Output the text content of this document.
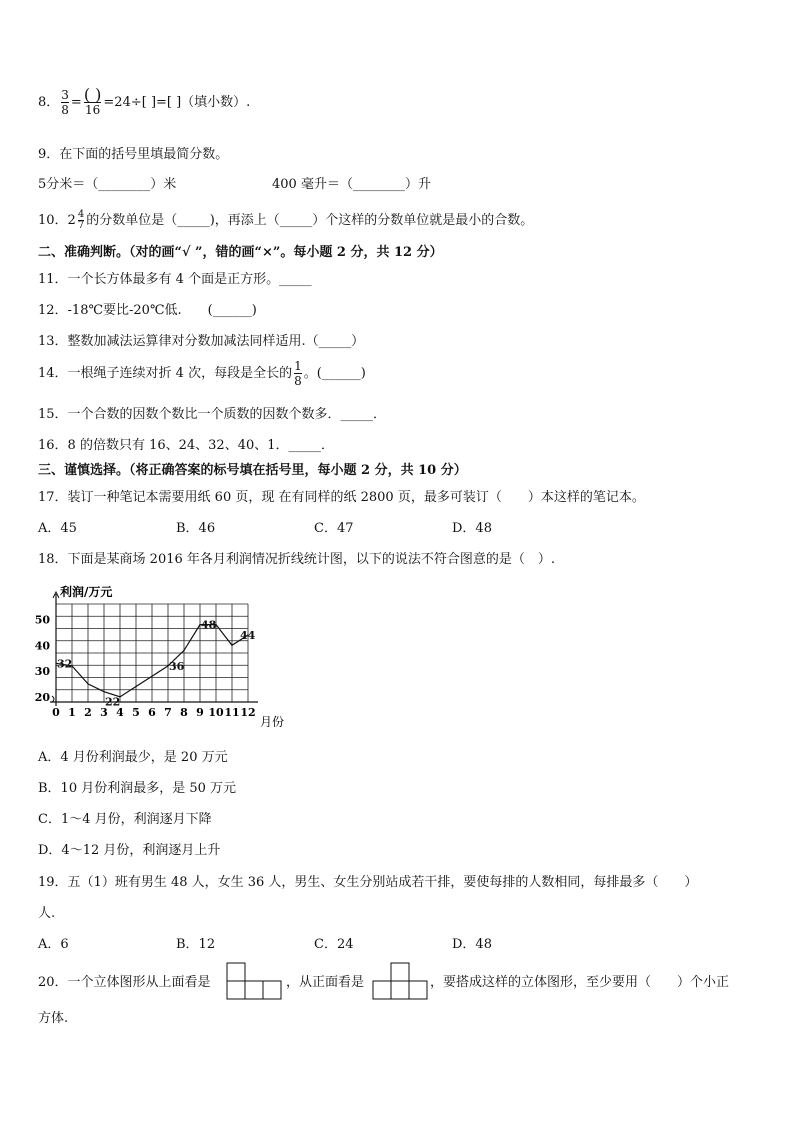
8． $\frac{3}{8} = \frac{( )}{16} =24\div$[ ]=[ ]（填小数）.
9．在下面的括号里填最简分数。
5分米＝（________）米	400 毫升＝（________）升
10．$2 \frac{4}{7}$ 的分数单位是（_____)，再添上（_____）个这样的分数单位就是最小的合数。
二、准确判断。（对的画“√ ”，错的画“×”。每小题 2 分，共 12 分）
11．一个长方体最多有 4 个面是正方形。_____
12．-18℃要比-20℃低.　　(______)
13．整数加减法运算律对分数加减法同样适用.（_____）
14．一根绳子连续对折 4 次，每段是全长的 $\frac{1}{8}$ 。(______)
15．一个合数的因数个数比一个质数的因数个数多．_____．
16．8 的倍数只有 16、24、32、40、1．_____．
三、谨慎选择。（将正确答案的标号填在括号里，每小题 2 分，共 10 分）
17．装订一种笔记本需要用纸 60 页，现 在有同样的纸 2800 页，最多可装订（　　）本这样的笔记本。
A．45	B．46	C．47	D．48
18．下面是某商场 2016 年各月利润情况折线统计图，以下的说法不符合图意的是（　）.
利润/万元
月份
0 1 2 3 4 5 6 7 8 9 10 11 12
20
30
40
50
32
22
36
48
44
A．4 月份利润最少，是 20 万元
B．10 月份利润最多，是 50 万元
C．1～4 月份，利润逐月下降
D．4～12 月份，利润逐月上升
19．五（1）班有男生 48 人，女生 36 人，男生、女生分别站成若干排，要使每排的人数相同，每排最多（　　）
人.
A．6	B．12	C．24	D．48
20．一个立体图形从上面看是	，从正面看是	，要搭成这样的立体图形，至少要用（　　）个小正
方体.
